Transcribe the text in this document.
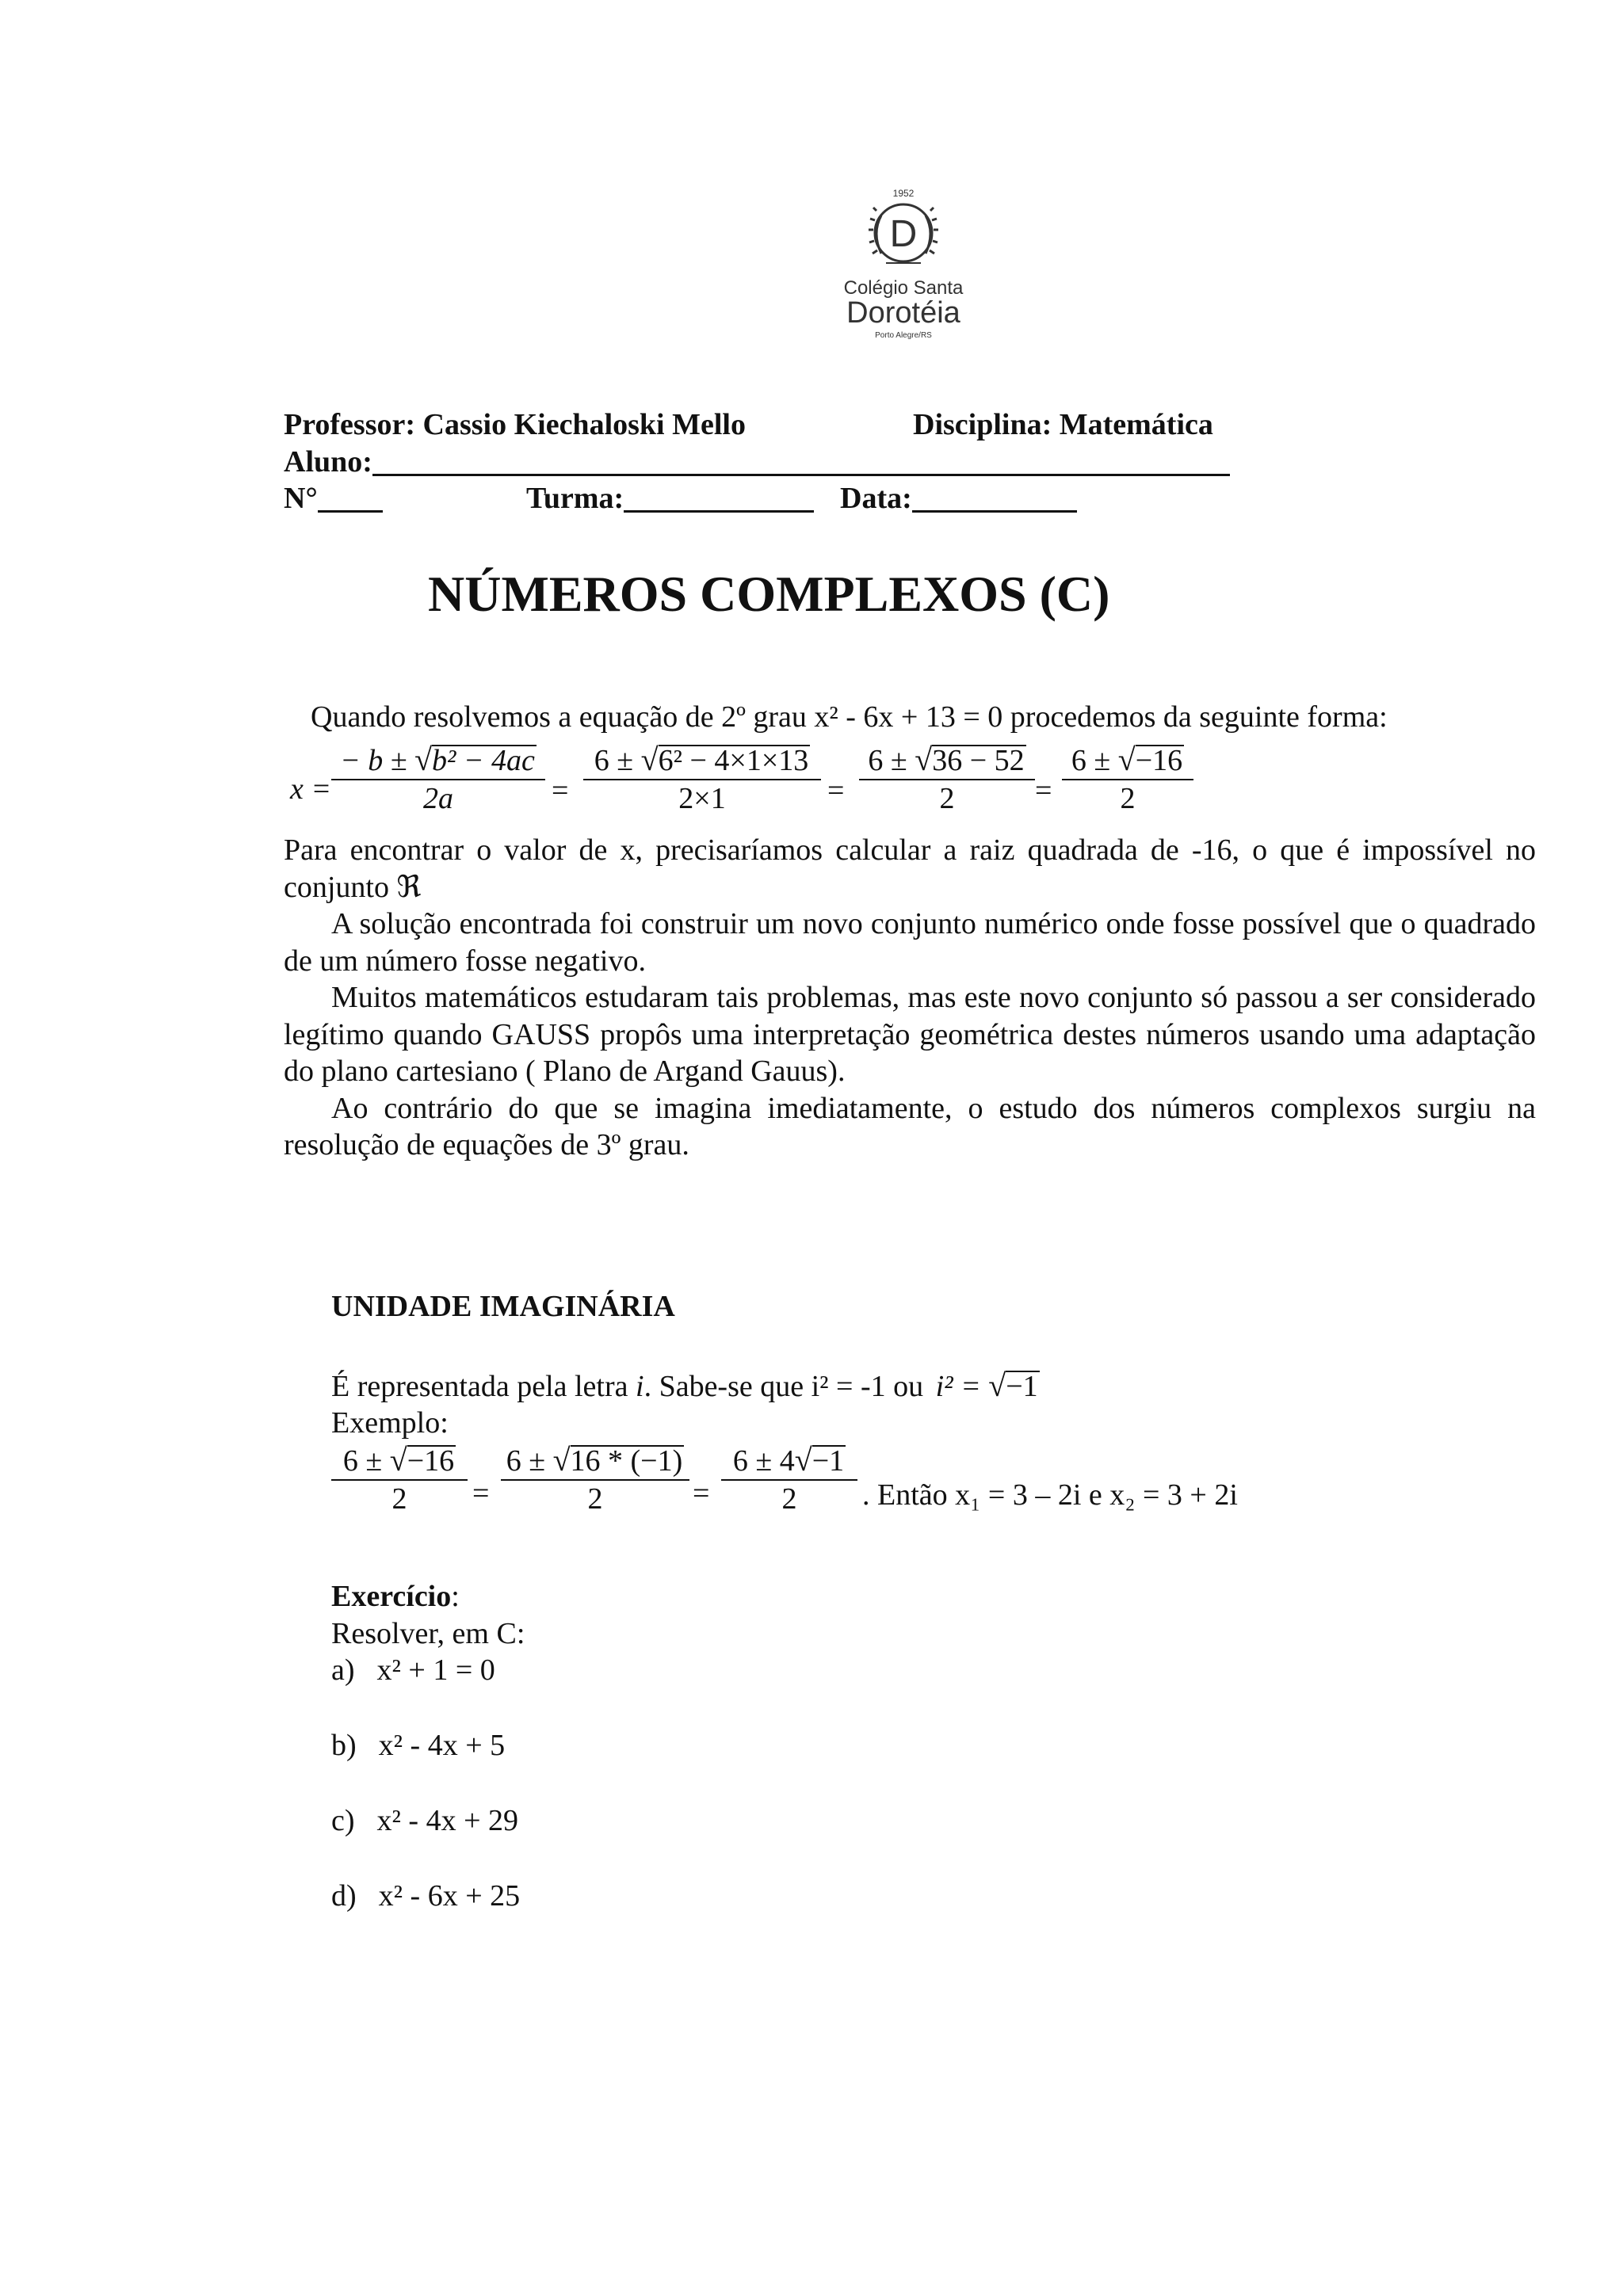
1952
D
Colégio Santa
Dorotéia
Porto Alegre/RS
Professor: Cassio Kiechaloski Mello	Disciplina: Matemática
Aluno:
N°	Turma:	Data:
NÚMEROS COMPLEXOS (C)
Quando resolvemos a equação de 2º grau x² - 6x + 13 = 0 procedemos da seguinte forma:
x =
− b ± √b² − 4ac
2a	=
6 ± √6² − 4×1×13
2×1	=
6 ± √36 − 52
2	=
6 ± √−16
2
Para encontrar o valor de x, precisaríamos calcular a raiz quadrada de -16, o que é impossível no conjunto ℜ
A solução encontrada foi construir um novo conjunto numérico onde fosse possível que o quadrado de um número fosse negativo.
Muitos matemáticos estudaram tais problemas, mas este novo conjunto só passou a ser considerado legítimo quando GAUSS propôs uma interpretação geométrica destes números usando uma adaptação do plano cartesiano ( Plano de Argand Gauus).
Ao contrário do que se imagina imediatamente, o estudo dos números complexos surgiu na resolução de equações de 3º grau.
UNIDADE IMAGINÁRIA
É representada pela letra i. Sabe-se que i² = -1 ou i² = √−1
Exemplo:
6 ± √−16
2	=
6 ± √16 * (−1)
2	=
6 ± 4√−1
2	. Então x₁ = 3 – 2i e x₂ = 3 + 2i
Exercício:
Resolver, em C:
a) x² + 1 = 0
b) x² - 4x + 5
c) x² - 4x + 29
d) x² - 6x + 25
